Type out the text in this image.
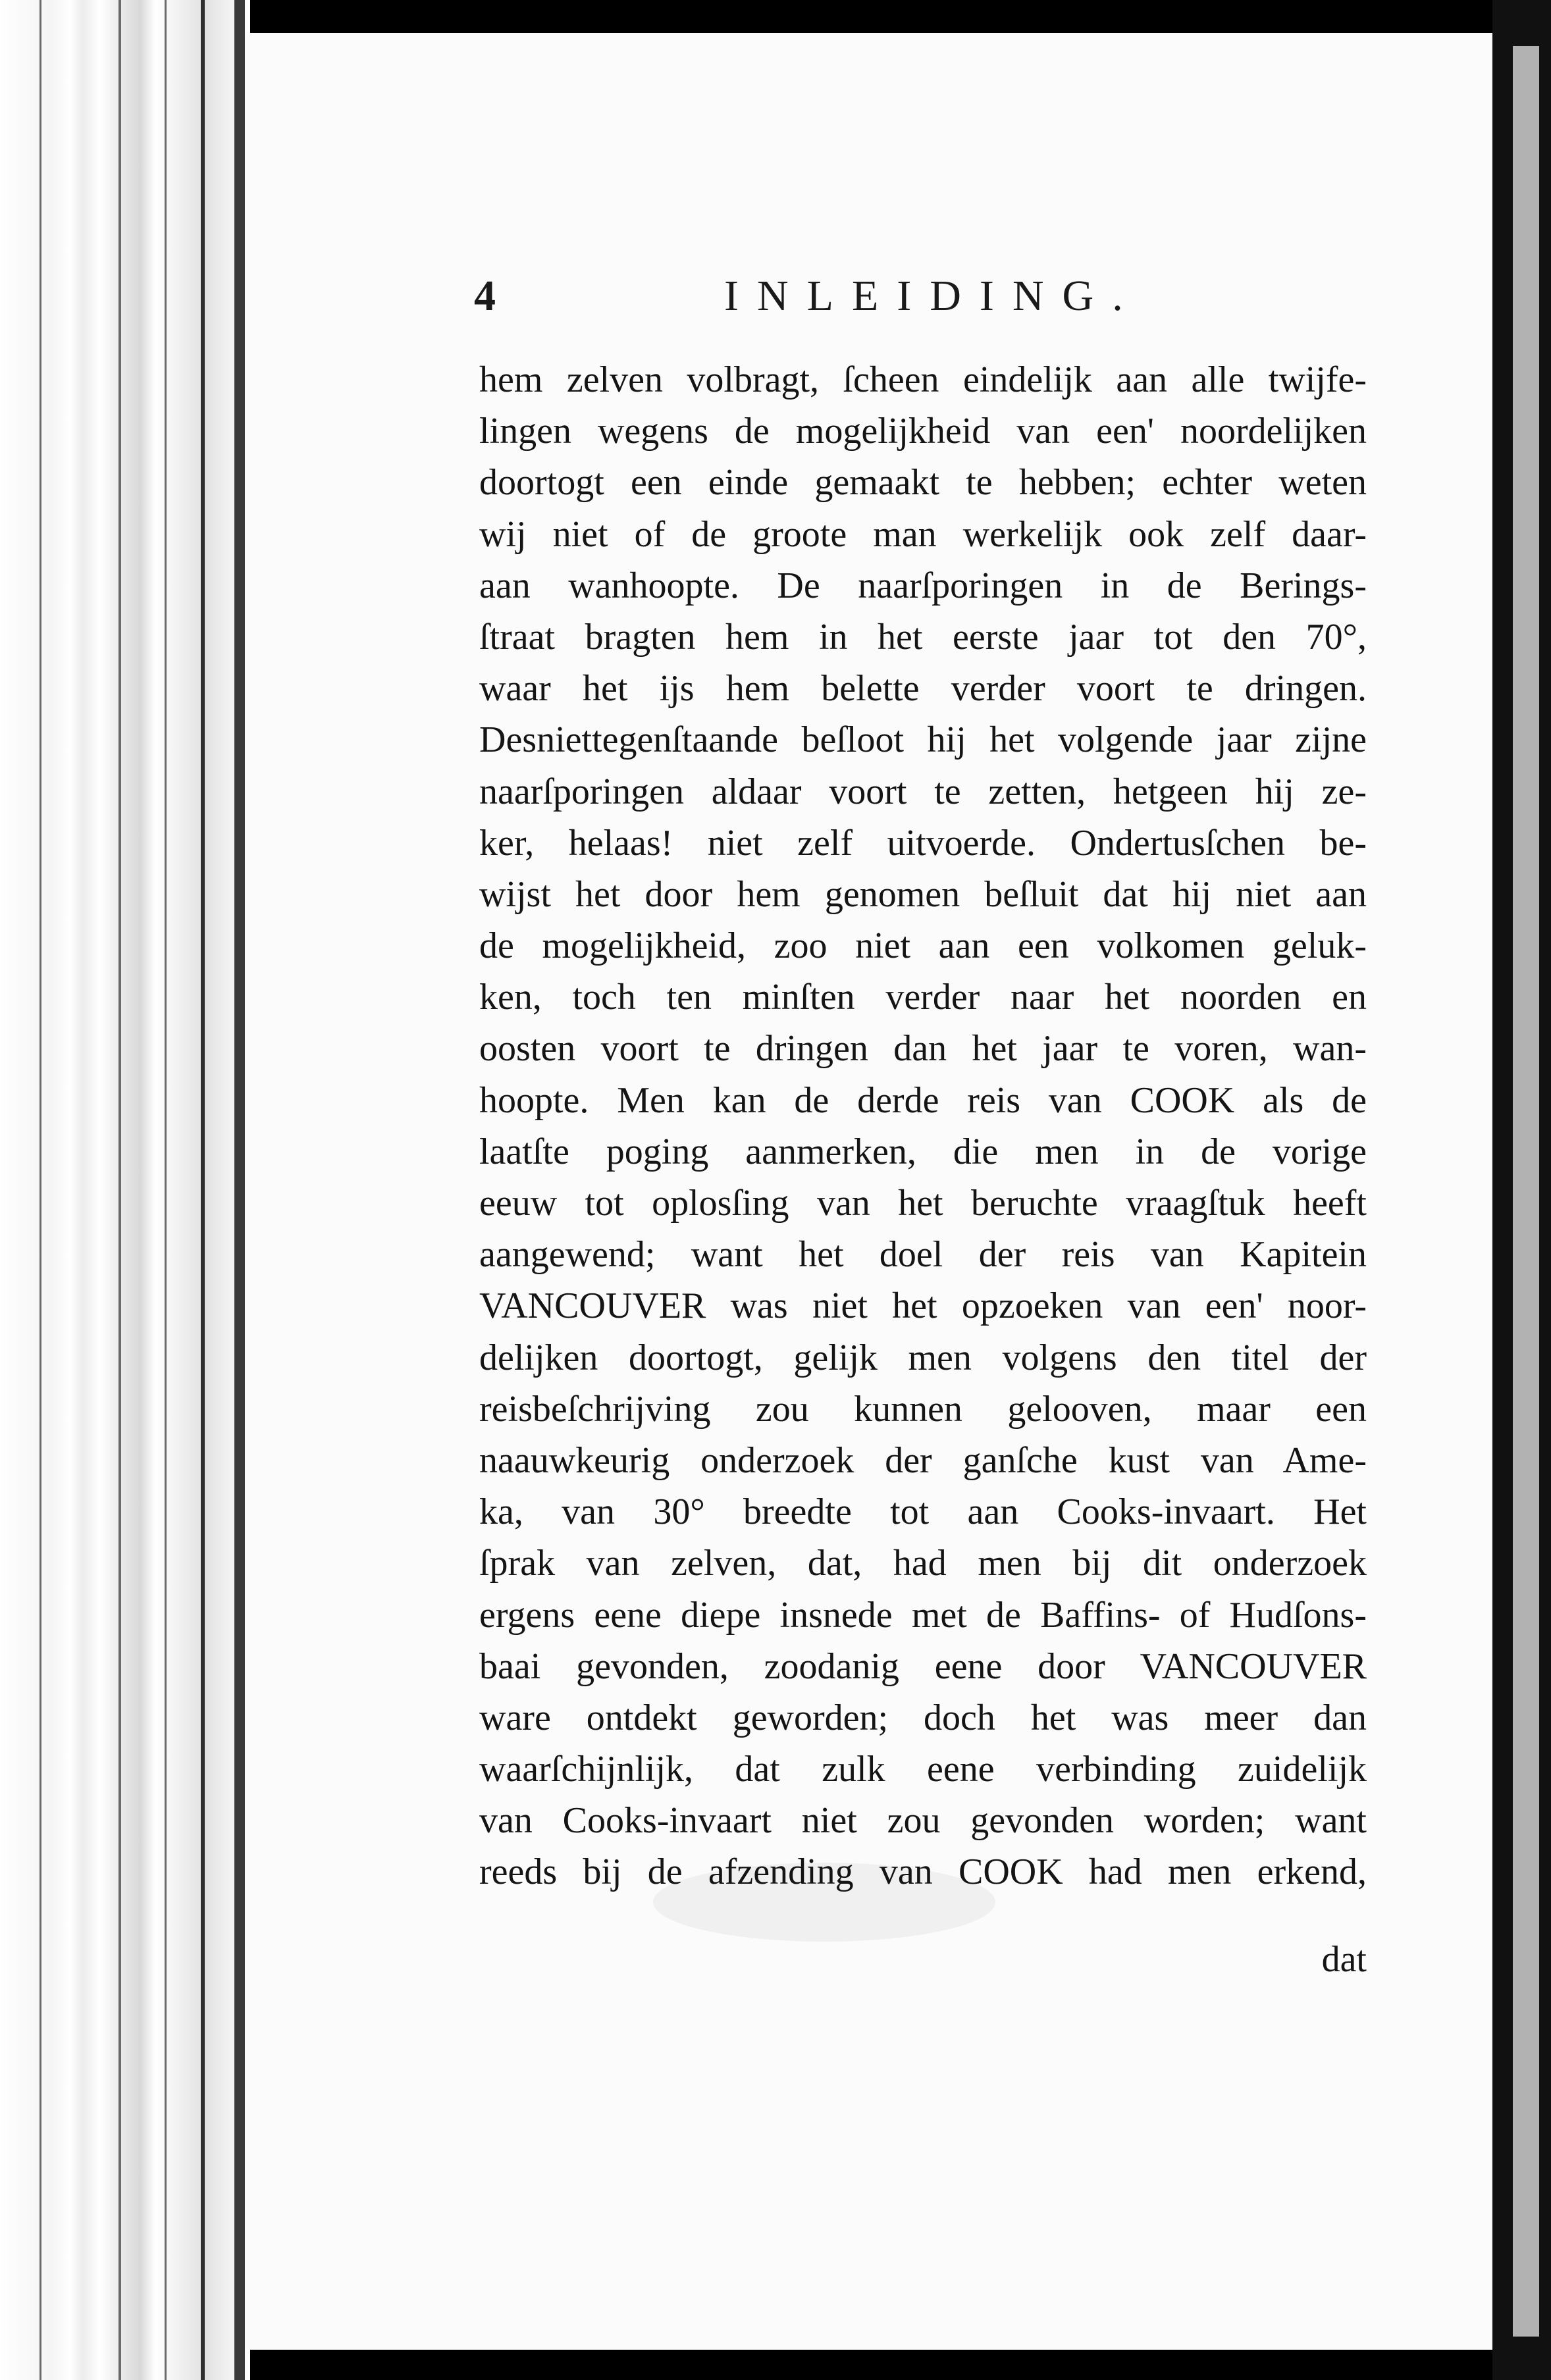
4	INLEIDING.
hem zelven volbragt, ſcheen eindelijk aan alle twijfe-
lingen wegens de mogelijkheid van een' noordelijken
doortogt een einde gemaakt te hebben; echter weten
wij niet of de groote man werkelijk ook zelf daar-
aan wanhoopte. De naarſporingen in de Berings-
ſtraat bragten hem in het eerste jaar tot den 70°,
waar het ijs hem belette verder voort te dringen.
Desniettegenſtaande beſloot hij het volgende jaar zijne
naarſporingen aldaar voort te zetten, hetgeen hij ze-
ker, helaas! niet zelf uitvoerde. Ondertusſchen be-
wijst het door hem genomen beſluit dat hij niet aan
de mogelijkheid, zoo niet aan een volkomen geluk-
ken, toch ten minſten verder naar het noorden en
oosten voort te dringen dan het jaar te voren, wan-
hoopte. Men kan de derde reis van COOK als de
laatſte poging aanmerken, die men in de vorige
eeuw tot oplosſing van het beruchte vraagſtuk heeft
aangewend; want het doel der reis van Kapitein
VANCOUVER was niet het opzoeken van een' noor-
delijken doortogt, gelijk men volgens den titel der
reisbeſchrijving zou kunnen gelooven, maar een
naauwkeurig onderzoek der ganſche kust van Ame-
ka, van 30° breedte tot aan Cooks-invaart. Het
ſprak van zelven, dat, had men bij dit onderzoek
ergens eene diepe insnede met de Baffins- of Hudſons-
baai gevonden, zoodanig eene door VANCOUVER
ware ontdekt geworden; doch het was meer dan
waarſchijnlijk, dat zulk eene verbinding zuidelijk
van Cooks-invaart niet zou gevonden worden; want
reeds bij de afzending van COOK had men erkend,
dat
